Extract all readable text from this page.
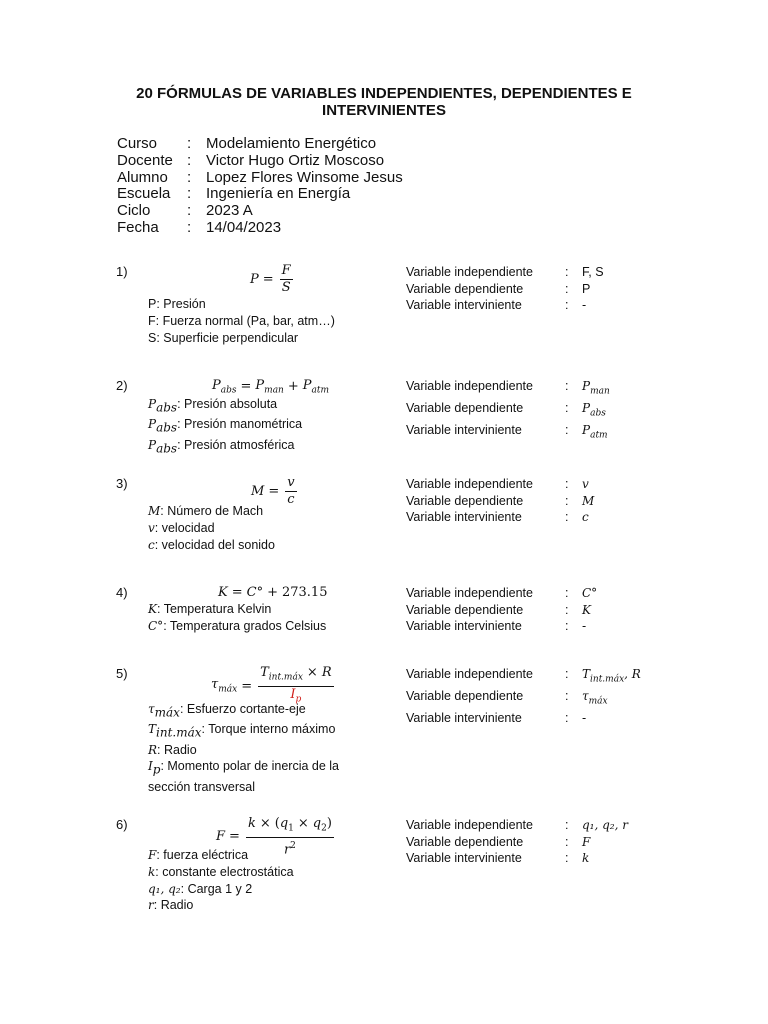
20 FÓRMULAS DE VARIABLES INDEPENDIENTES, DEPENDIENTES E INTERVINIENTES
Curso	: Modelamiento Energético
Docente : Victor Hugo Ortiz Moscoso
Alumno	: Lopez Flores Winsome Jesus
Escuela	: Ingeniería en Energía
Ciclo	: 2023 A
Fecha	: 14/04/2023
1)
$P = \frac{F}{S}$
P: Presión
F: Fuerza normal (Pa, bar, atm…)
S: Superficie perpendicular
Variable independiente	:	F, S
Variable dependiente	:	P
Variable interviniente	:	-
2)	$P_{abs} = P_{man} + P_{atm}$
$P_{abs}$: Presión absoluta
$P_{abs}$: Presión manométrica
$P_{abs}$: Presión atmosférica
Variable independiente	:	$P_{man}$
Variable dependiente	:	$P_{abs}$
Variable interviniente	:	$P_{atm}$
3)
$M = \frac{v}{c}$
M: Número de Mach
v: velocidad
c: velocidad del sonido
Variable independiente	:	v
Variable dependiente	:	M
Variable interviniente	:	c
4)	K = C° + 273.15
K: Temperatura Kelvin
C°: Temperatura grados Celsius
Variable independiente	:	C°
Variable dependiente	:	K
Variable interviniente	:	-
5)
$\tau_{máx} = \frac{T_{int.máx} \times R}{I_p}$
$\tau_{máx}$: Esfuerzo cortante-eje
$T_{int.máx}$: Torque interno máximo
R: Radio
$I_p$: Momento polar de inercia de la
sección transversal
Variable independiente	:	$T_{int.máx}$, R
Variable dependiente	:	$\tau_{máx}$
Variable interviniente	:	-
6)
$F = \frac{k \times (q_1 \times q_2)}{r^2}$
F: fuerza eléctrica
k: constante electrostática
q₁, q₂: Carga 1 y 2
r: Radio
Variable independiente	:	q₁, q₂, r
Variable dependiente	:	F
Variable interviniente	:	k
